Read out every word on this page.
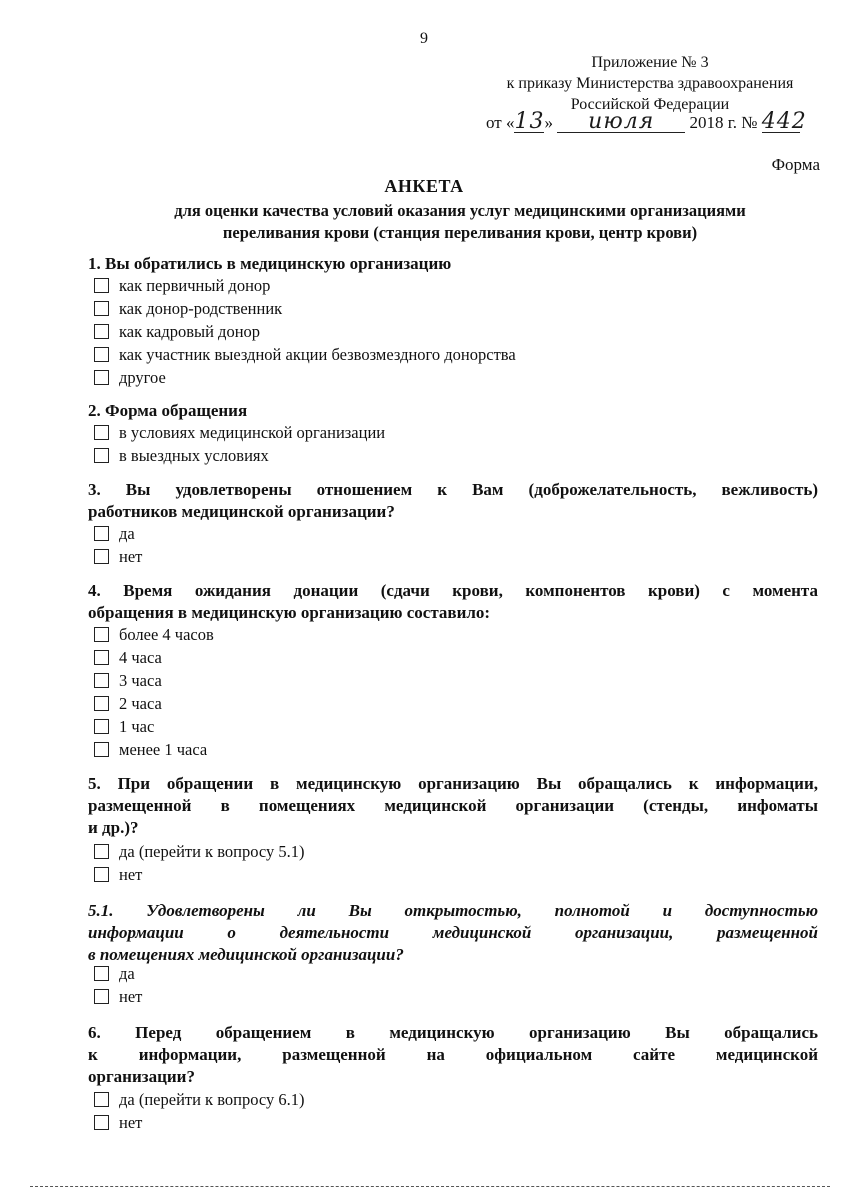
9
Приложение № 3
к приказу Министерства здравоохранения
Российской Федерации
от «13» июля 2018 г. № 442
Форма
АНКЕТА
для оценки качества условий оказания услуг медицинскими организациями
переливания крови (станция переливания крови, центр крови)
1. Вы обратились в медицинскую организацию
как первичный донор
как донор-родственник
как кадровый донор
как участник выездной акции безвозмездного донорства
другое
2. Форма обращения
в условиях медицинской организации
в выездных условиях
3. Вы удовлетворены отношением к Вам (доброжелательность, вежливость)
работников медицинской организации?
да
нет
4. Время ожидания донации (сдачи крови, компонентов крови) с момента
обращения в медицинскую организацию составило:
более 4 часов
4 часа
3 часа
2 часа
1 час
менее 1 часа
5. При обращении в медицинскую организацию Вы обращались к информации,
размещенной в помещениях медицинской организации (стенды, инфоматы
и др.)?
да (перейти к вопросу 5.1)
нет
5.1. Удовлетворены ли Вы открытостью, полнотой и доступностью
информации о деятельности медицинской организации, размещенной
в помещениях медицинской организации?
да
нет
6. Перед обращением в медицинскую организацию Вы обращались
к информации, размещенной на официальном сайте медицинской
организации?
да (перейти к вопросу 6.1)
нет
